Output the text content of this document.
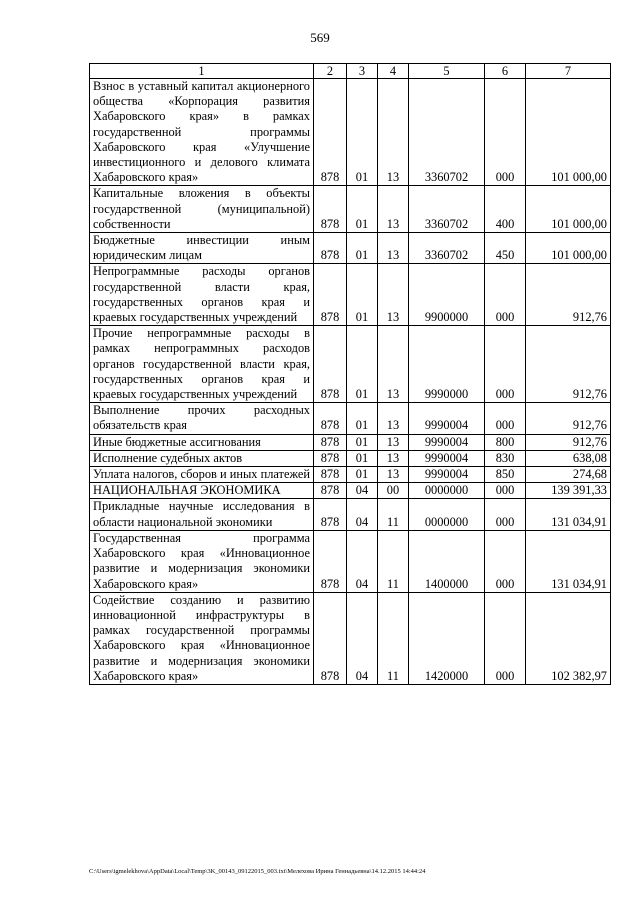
569
1	2	3	4	5	6	7
Взнос в уставный капитал акционерного общества «Корпорация развития Хабаровского края» в рамках государственной программы Хабаровского края «Улучшение инвестиционного и делового климата Хабаровского края»	878	01	13	3360702	000	101 000,00
Капитальные вложения в объекты государственной (муниципальной) собственности	878	01	13	3360702	400	101 000,00
Бюджетные инвестиции иным юридическим лицам	878	01	13	3360702	450	101 000,00
Непрограммные расходы органов государственной власти края, государственных органов края и краевых государственных учреждений	878	01	13	9900000	000	912,76
Прочие непрограммные расходы в рамках непрограммных расходов органов государственной власти края, государственных органов края и краевых государственных учреждений	878	01	13	9990000	000	912,76
Выполнение прочих расходных обязательств края	878	01	13	9990004	000	912,76
Иные бюджетные ассигнования	878	01	13	9990004	800	912,76
Исполнение судебных актов	878	01	13	9990004	830	638,08
Уплата налогов, сборов и иных платежей	878	01	13	9990004	850	274,68
НАЦИОНАЛЬНАЯ ЭКОНОМИКА	878	04	00	0000000	000	139 391,33
Прикладные научные исследования в области национальной экономики	878	04	11	0000000	000	131 034,91
Государственная программа Хабаровского края «Инновационное развитие и модернизация экономики Хабаровского края»	878	04	11	1400000	000	131 034,91
Содействие созданию и развитию инновационной инфраструктуры в рамках государственной программы Хабаровского края «Инновационное развитие и модернизация экономики Хабаровского края»	878	04	11	1420000	000	102 382,97
C:\Users\igmelekhova\AppData\Local\Temp\3K_00143_09122015_003.txt\Мелехова Ирина Геннадьевна\14.12.2015 14:44:24
